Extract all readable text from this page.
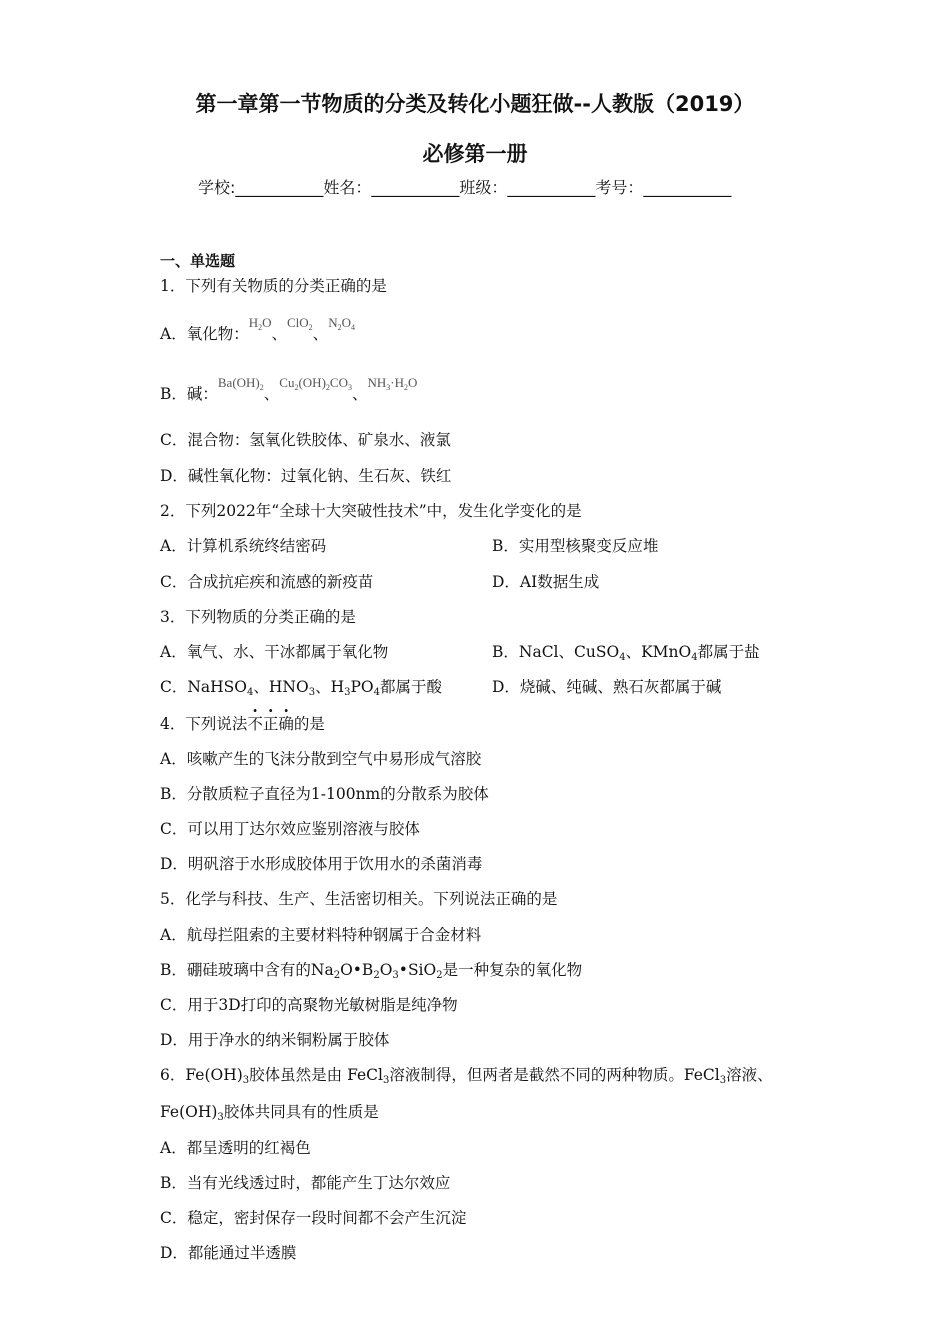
第一章第一节物质的分类及转化小题狂做--人教版（2019）
必修第一册
学校:___________姓名：___________班级：___________考号：___________
一、单选题
1．下列有关物质的分类正确的是
A．氧化物：$^{H_2O}$、$^{ClO_2}$、$^{N_2O_4}$
B．碱：$^{Ba(OH)_2}$、$^{Cu_2(OH)_2CO_3}$、$^{NH_3\cdot H_2O}$
C．混合物：氢氧化铁胶体、矿泉水、液氯
D．碱性氧化物：过氧化钠、生石灰、铁红
2．下列2022年“全球十大突破性技术”中，发生化学变化的是
A．计算机系统终结密码	B．实用型核聚变反应堆
C．合成抗疟疾和流感的新疫苗	D．AI数据生成
3．下列物质的分类正确的是
A．氧气、水、干冰都属于氧化物	B．NaCl、CuSO$_4$、KMnO$_4$都属于盐
C．NaHSO$_4$、$HNO_3$、$H_3PO_4$都属于酸	D．烧碱、纯碱、熟石灰都属于碱
4．下列说法不正确的是
A．咳嗽产生的飞沫分散到空气中易形成气溶胶
B．分散质粒子直径为1-100nm的分散系为胶体
C．可以用丁达尔效应鉴别溶液与胶体
D．明矾溶于水形成胶体用于饮用水的杀菌消毒
5．化学与科技、生产、生活密切相关。下列说法正确的是
A．航母拦阻索的主要材料特种钢属于合金材料
B．硼硅玻璃中含有的$Na_2O•B_2O_3•SiO_2$是一种复杂的氧化物
C．用于3D打印的高聚物光敏树脂是纯净物
D．用于净水的纳米铜粉属于胶体
6．$Fe(OH)_3$胶体虽然是由 FeCl$_3$溶液制得，但两者是截然不同的两种物质。FeCl$_3$溶液、
$Fe(OH)_3$胶体共同具有的性质是
A．都呈透明的红褐色
B．当有光线透过时，都能产生丁达尔效应
C．稳定，密封保存一段时间都不会产生沉淀
D．都能通过半透膜
